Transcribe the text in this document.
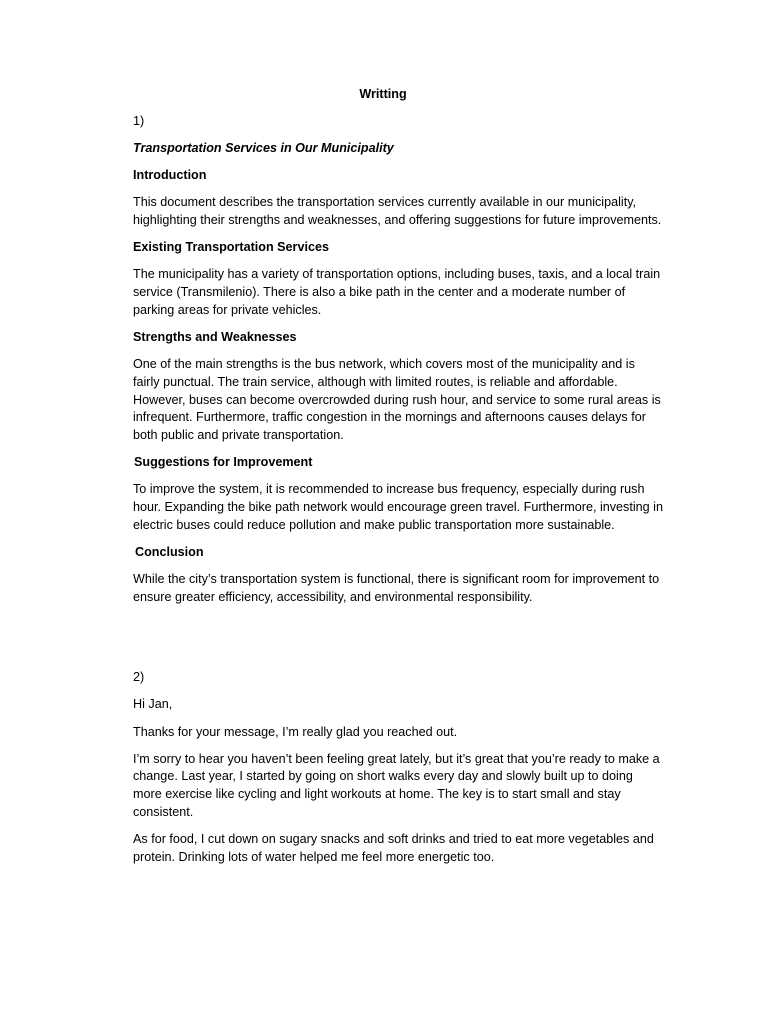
Writting

1)

Transportation Services in Our Municipality

Introduction

This document describes the transportation services currently available in our municipality, highlighting their strengths and weaknesses, and offering suggestions for future improvements.

Existing Transportation Services

The municipality has a variety of transportation options, including buses, taxis, and a local train service (Transmilenio). There is also a bike path in the center and a moderate number of parking areas for private vehicles.

Strengths and Weaknesses

One of the main strengths is the bus network, which covers most of the municipality and is fairly punctual. The train service, although with limited routes, is reliable and affordable. However, buses can become overcrowded during rush hour, and service to some rural areas is infrequent. Furthermore, traffic congestion in the mornings and afternoons causes delays for both public and private transportation.

Suggestions for Improvement

To improve the system, it is recommended to increase bus frequency, especially during rush hour. Expanding the bike path network would encourage green travel. Furthermore, investing in electric buses could reduce pollution and make public transportation more sustainable.

Conclusion

While the city’s transportation system is functional, there is significant room for improvement to ensure greater efficiency, accessibility, and environmental responsibility.

2)

Hi Jan,

Thanks for your message, I’m really glad you reached out.

I’m sorry to hear you haven’t been feeling great lately, but it’s great that you’re ready to make a change. Last year, I started by going on short walks every day and slowly built up to doing more exercise like cycling and light workouts at home. The key is to start small and stay consistent.

As for food, I cut down on sugary snacks and soft drinks and tried to eat more vegetables and protein. Drinking lots of water helped me feel more energetic too.
